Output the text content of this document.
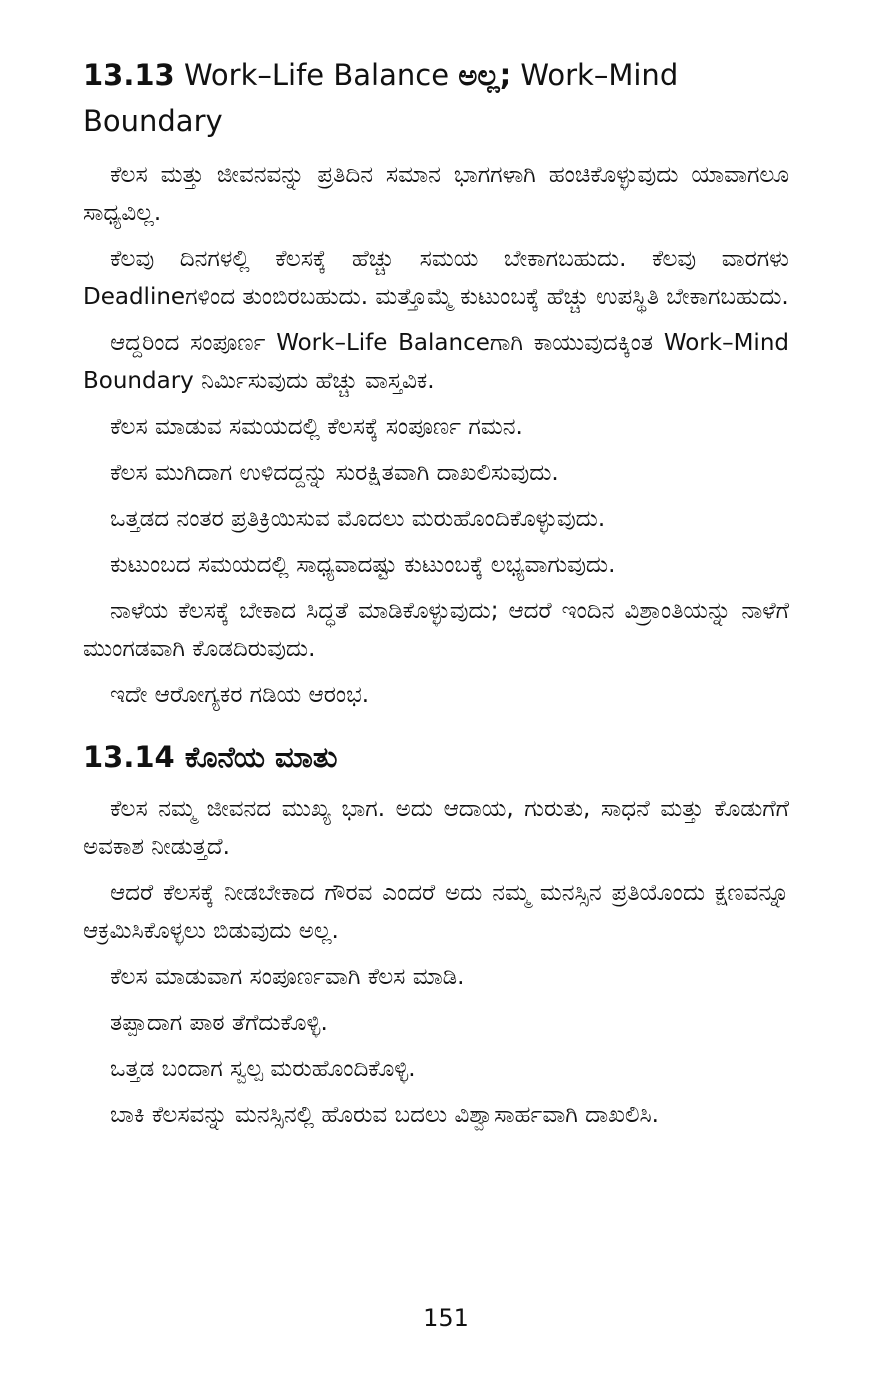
13.13 Work–Life Balance ಅಲ್ಲ; Work–Mind Boundary

ಕೆಲಸ ಮತ್ತು ಜೀವನವನ್ನು ಪ್ರತಿದಿನ ಸಮಾನ ಭಾಗಗಳಾಗಿ ಹಂಚಿಕೊಳ್ಳುವುದು ಯಾವಾಗಲೂ ಸಾಧ್ಯವಿಲ್ಲ.

ಕೆಲವು ದಿನಗಳಲ್ಲಿ ಕೆಲಸಕ್ಕೆ ಹೆಚ್ಚು ಸಮಯ ಬೇಕಾಗಬಹುದು. ಕೆಲವು ವಾರಗಳು Deadlineಗಳಿಂದ ತುಂಬಿರಬಹುದು. ಮತ್ತೊಮ್ಮೆ ಕುಟುಂಬಕ್ಕೆ ಹೆಚ್ಚು ಉಪಸ್ಥಿತಿ ಬೇಕಾಗಬಹುದು.

ಆದ್ದರಿಂದ ಸಂಪೂರ್ಣ Work–Life Balanceಗಾಗಿ ಕಾಯುವುದಕ್ಕಿಂತ Work–Mind Boundary ನಿರ್ಮಿಸುವುದು ಹೆಚ್ಚು ವಾಸ್ತವಿಕ.

ಕೆಲಸ ಮಾಡುವ ಸಮಯದಲ್ಲಿ ಕೆಲಸಕ್ಕೆ ಸಂಪೂರ್ಣ ಗಮನ.

ಕೆಲಸ ಮುಗಿದಾಗ ಉಳಿದದ್ದನ್ನು ಸುರಕ್ಷಿತವಾಗಿ ದಾಖಲಿಸುವುದು.

ಒತ್ತಡದ ನಂತರ ಪ್ರತಿಕ್ರಿಯಿಸುವ ಮೊದಲು ಮರುಹೊಂದಿಕೊಳ್ಳುವುದು.

ಕುಟುಂಬದ ಸಮಯದಲ್ಲಿ ಸಾಧ್ಯವಾದಷ್ಟು ಕುಟುಂಬಕ್ಕೆ ಲಭ್ಯವಾಗುವುದು.

ನಾಳೆಯ ಕೆಲಸಕ್ಕೆ ಬೇಕಾದ ಸಿದ್ಧತೆ ಮಾಡಿಕೊಳ್ಳುವುದು; ಆದರೆ ಇಂದಿನ ವಿಶ್ರಾಂತಿಯನ್ನು ನಾಳೆಗೆ ಮುಂಗಡವಾಗಿ ಕೊಡದಿರುವುದು.

ಇದೇ ಆರೋಗ್ಯಕರ ಗಡಿಯ ಆರಂಭ.

13.14 ಕೊನೆಯ ಮಾತು

ಕೆಲಸ ನಮ್ಮ ಜೀವನದ ಮುಖ್ಯ ಭಾಗ. ಅದು ಆದಾಯ, ಗುರುತು, ಸಾಧನೆ ಮತ್ತು ಕೊಡುಗೆಗೆ ಅವಕಾಶ ನೀಡುತ್ತದೆ.

ಆದರೆ ಕೆಲಸಕ್ಕೆ ನೀಡಬೇಕಾದ ಗೌರವ ಎಂದರೆ ಅದು ನಮ್ಮ ಮನಸ್ಸಿನ ಪ್ರತಿಯೊಂದು ಕ್ಷಣವನ್ನೂ ಆಕ್ರಮಿಸಿಕೊಳ್ಳಲು ಬಿಡುವುದು ಅಲ್ಲ.

ಕೆಲಸ ಮಾಡುವಾಗ ಸಂಪೂರ್ಣವಾಗಿ ಕೆಲಸ ಮಾಡಿ.

ತಪ್ಪಾದಾಗ ಪಾಠ ತೆಗೆದುಕೊಳ್ಳಿ.

ಒತ್ತಡ ಬಂದಾಗ ಸ್ವಲ್ಪ ಮರುಹೊಂದಿಕೊಳ್ಳಿ.

ಬಾಕಿ ಕೆಲಸವನ್ನು ಮನಸ್ಸಿನಲ್ಲಿ ಹೊರುವ ಬದಲು ವಿಶ್ವಾಸಾರ್ಹವಾಗಿ ದಾಖಲಿಸಿ.

151
